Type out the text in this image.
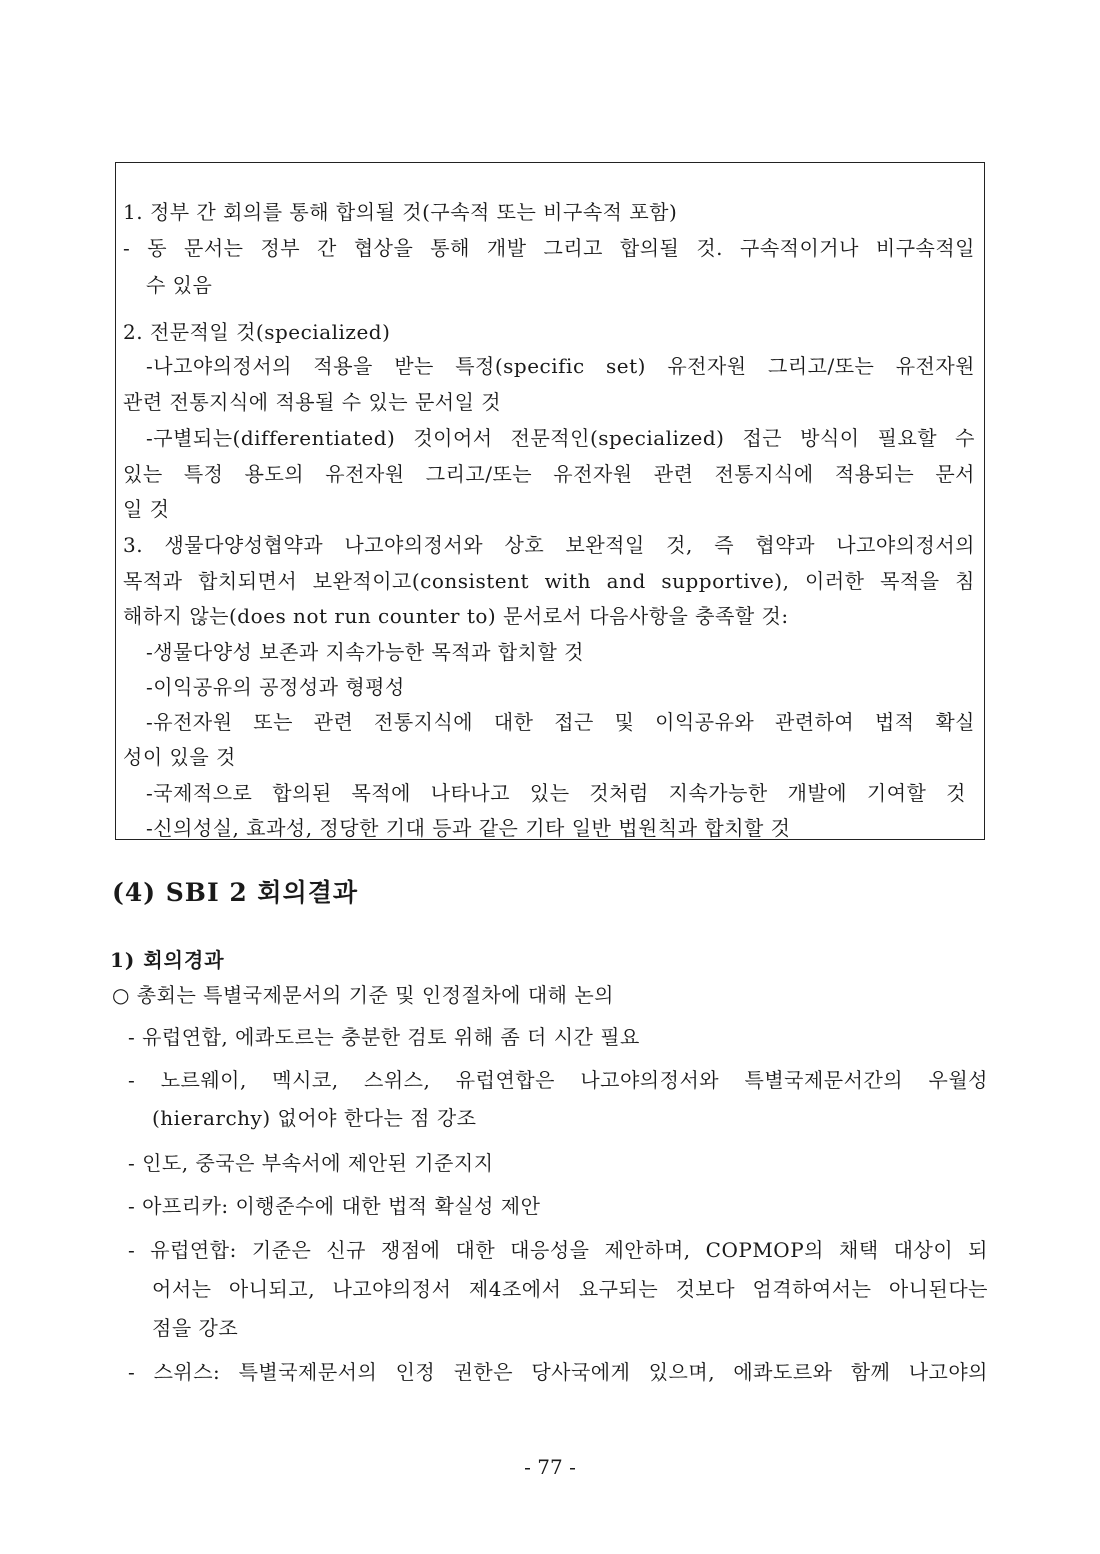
1. 정부 간 회의를 통해 합의될 것(구속적 또는 비구속적 포함)
- 동 문서는 정부 간 협상을 통해 개발 그리고 합의될 것. 구속적이거나 비구속적일
수 있음
2. 전문적일 것(specialized)
-나고야의정서의 적용을 받는 특정(specific set) 유전자원 그리고/또는 유전자원
관련 전통지식에 적용될 수 있는 문서일 것
-구별되는(differentiated) 것이어서 전문적인(specialized) 접근 방식이 필요할 수
있는 특정 용도의 유전자원 그리고/또는 유전자원 관련 전통지식에 적용되는 문서
일 것
3. 생물다양성협약과 나고야의정서와 상호 보완적일 것, 즉 협약과 나고야의정서의
목적과 합치되면서 보완적이고(consistent with and supportive), 이러한 목적을 침
해하지 않는(does not run counter to) 문서로서 다음사항을 충족할 것:
-생물다양성 보존과 지속가능한 목적과 합치할 것
-이익공유의 공정성과 형평성
-유전자원 또는 관련 전통지식에 대한 접근 및 이익공유와 관련하여 법적 확실
성이 있을 것
-국제적으로 합의된 목적에 나타나고 있는 것처럼 지속가능한 개발에 기여할 것
-신의성실, 효과성, 정당한 기대 등과 같은 기타 일반 법원칙과 합치할 것
(4) SBI 2 회의결과
1) 회의경과
○ 총회는 특별국제문서의 기준 및 인정절차에 대해 논의
- 유럽연합, 에콰도르는 충분한 검토 위해 좀 더 시간 필요
- 노르웨이, 멕시코, 스위스, 유럽연합은 나고야의정서와 특별국제문서간의 우월성
(hierarchy) 없어야 한다는 점 강조
- 인도, 중국은 부속서에 제안된 기준지지
- 아프리카: 이행준수에 대한 법적 확실성 제안
- 유럽연합: 기준은 신규 쟁점에 대한 대응성을 제안하며, COPMOP의 채택 대상이 되
어서는 아니되고, 나고야의정서 제4조에서 요구되는 것보다 엄격하여서는 아니된다는
점을 강조
- 스위스: 특별국제문서의 인정 권한은 당사국에게 있으며, 에콰도르와 함께 나고야의
- 77 -
